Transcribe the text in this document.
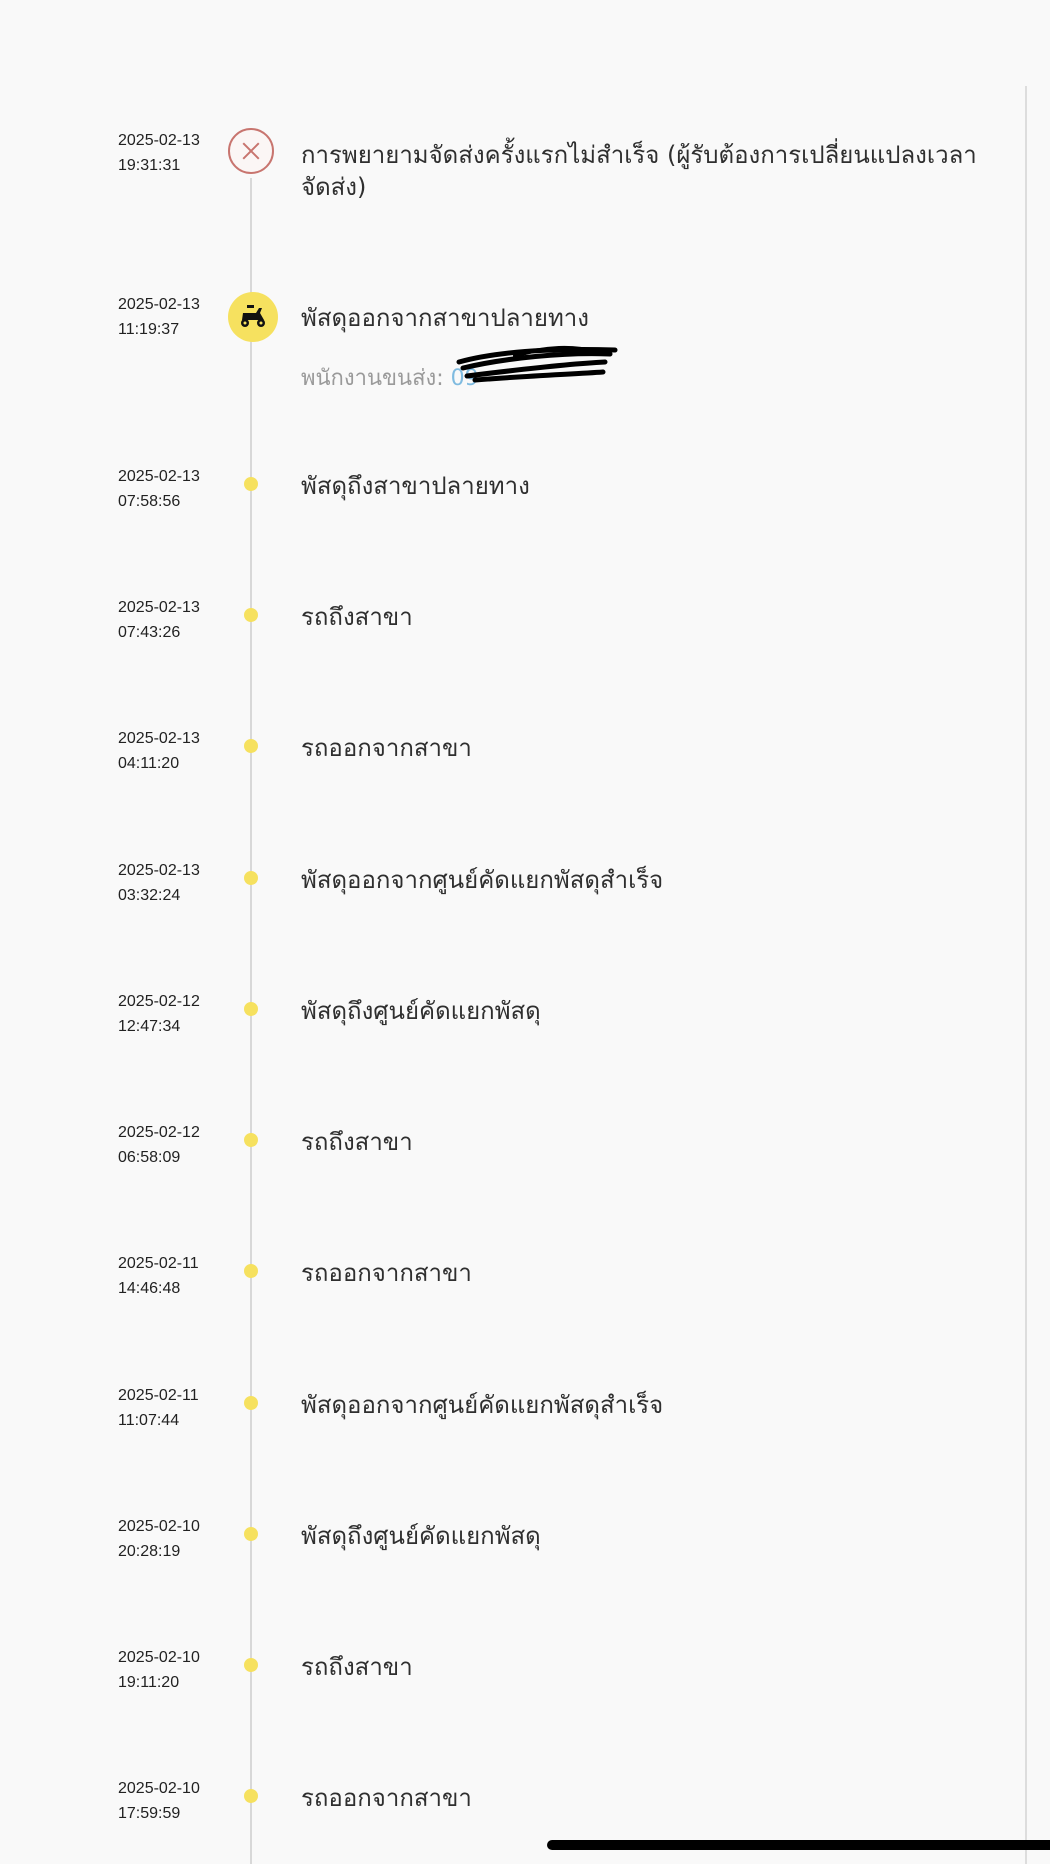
2025-02-13
19:31:31	การพยายามจัดส่งครั้งแรกไม่สำเร็จ (ผู้รับต้องการเปลี่ยนแปลงเวลาจัดส่ง)
2025-02-13
11:19:37	พัสดุออกจากสาขาปลายทาง
พนักงานขนส่ง: 09
2025-02-13
07:58:56
พัสดุถึงสาขาปลายทาง
2025-02-13
07:43:26
รถถึงสาขา
2025-02-13
04:11:20
รถออกจากสาขา
2025-02-13
03:32:24
พัสดุออกจากศูนย์คัดแยกพัสดุสำเร็จ
2025-02-12
12:47:34
พัสดุถึงศูนย์คัดแยกพัสดุ
2025-02-12
06:58:09
รถถึงสาขา
2025-02-11
14:46:48
รถออกจากสาขา
2025-02-11
11:07:44
พัสดุออกจากศูนย์คัดแยกพัสดุสำเร็จ
2025-02-10
20:28:19
พัสดุถึงศูนย์คัดแยกพัสดุ
2025-02-10
19:11:20
รถถึงสาขา
2025-02-10
17:59:59
รถออกจากสาขา
